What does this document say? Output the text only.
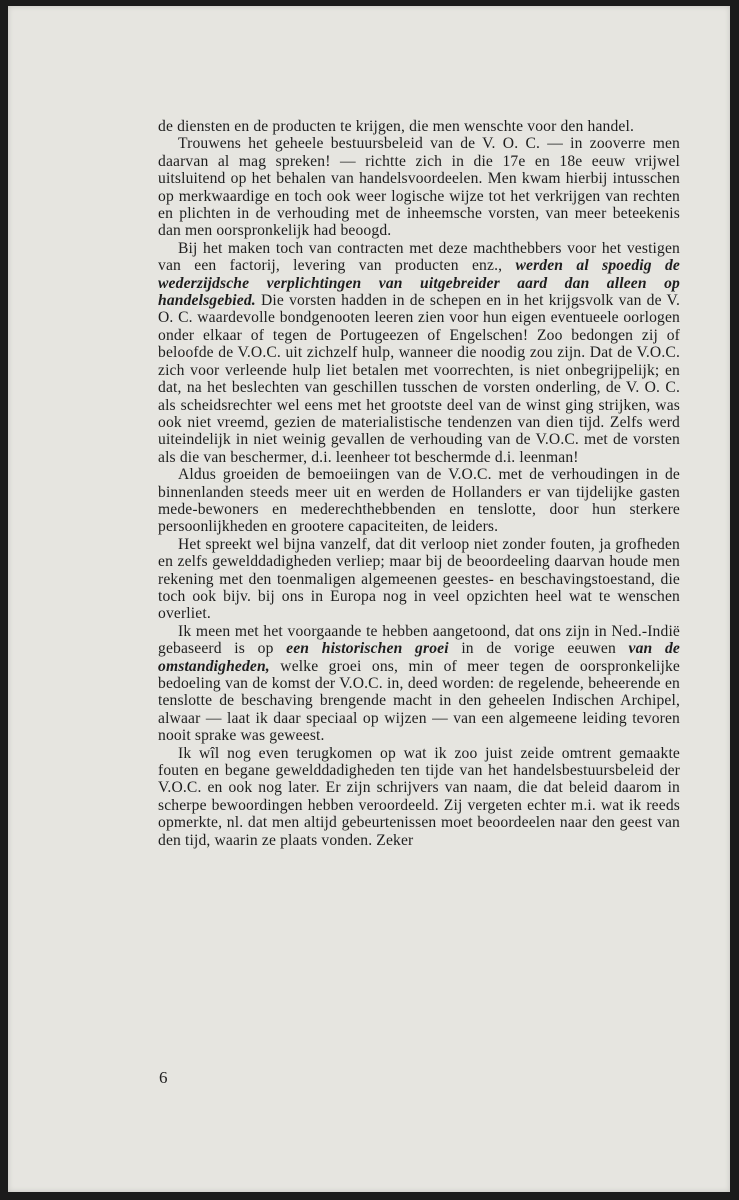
de diensten en de producten te krijgen, die men wenschte voor den handel.

Trouwens het geheele bestuursbeleid van de V. O. C. — in zooverre men daarvan al mag spreken! — richtte zich in die 17e en 18e eeuw vrijwel uitsluitend op het behalen van handelsvoordeelen. Men kwam hierbij intusschen op merkwaardige en toch ook weer logische wijze tot het verkrijgen van rechten en plichten in de verhouding met de inheemsche vorsten, van meer beteekenis dan men oorspronkelijk had beoogd.

Bij het maken toch van contracten met deze machthebbers voor het vestigen van een factorij, levering van producten enz., werden al spoedig de wederzijdsche verplichtingen van uitgebreider aard dan alleen op handelsgebied. Die vorsten hadden in de schepen en in het krijgsvolk van de V. O. C. waardevolle bondgenooten leeren zien voor hun eigen eventueele oorlogen onder elkaar of tegen de Portugeezen of Engelschen! Zoo bedongen zij of beloofde de V.O.C. uit zichzelf hulp, wanneer die noodig zou zijn. Dat de V.O.C. zich voor verleende hulp liet betalen met voorrechten, is niet onbegrijpelijk; en dat, na het beslechten van geschillen tusschen de vorsten onderling, de V. O. C. als scheidsrechter wel eens met het grootste deel van de winst ging strijken, was ook niet vreemd, gezien de materialistische tendenzen van dien tijd. Zelfs werd uiteindelijk in niet weinig gevallen de verhouding van de V.O.C. met de vorsten als die van beschermer, d.i. leenheer tot beschermde d.i. leenman!

Aldus groeiden de bemoeiingen van de V.O.C. met de verhoudingen in de binnenlanden steeds meer uit en werden de Hollanders er van tijdelijke gasten mede-bewoners en mederechthebbenden en tenslotte, door hun sterkere persoonlijkheden en grootere capaciteiten, de leiders.

Het spreekt wel bijna vanzelf, dat dit verloop niet zonder fouten, ja grofheden en zelfs gewelddadigheden verliep; maar bij de beoordeeling daarvan houde men rekening met den toenmaligen algemeenen geestes- en beschavingstoestand, die toch ook bijv. bij ons in Europa nog in veel opzichten heel wat te wenschen overliet.

Ik meen met het voorgaande te hebben aangetoond, dat ons zijn in Ned.-Indië gebaseerd is op een historischen groei in de vorige eeuwen van de omstandigheden, welke groei ons, min of meer tegen de oorspronkelijke bedoeling van de komst der V.O.C. in, deed worden: de regelende, beheerende en tenslotte de beschaving brengende macht in den geheelen Indischen Archipel, alwaar — laat ik daar speciaal op wijzen — van een algemeene leiding tevoren nooit sprake was geweest.

Ik wîl nog even terugkomen op wat ik zoo juist zeide omtrent gemaakte fouten en begane gewelddadigheden ten tijde van het handelsbestuursbeleid der V.O.C. en ook nog later. Er zijn schrijvers van naam, die dat beleid daarom in scherpe bewoordingen hebben veroordeeld. Zij vergeten echter m.i. wat ik reeds opmerkte, nl. dat men altijd gebeurtenissen moet beoordeelen naar den geest van den tijd, waarin ze plaats vonden. Zeker

6
